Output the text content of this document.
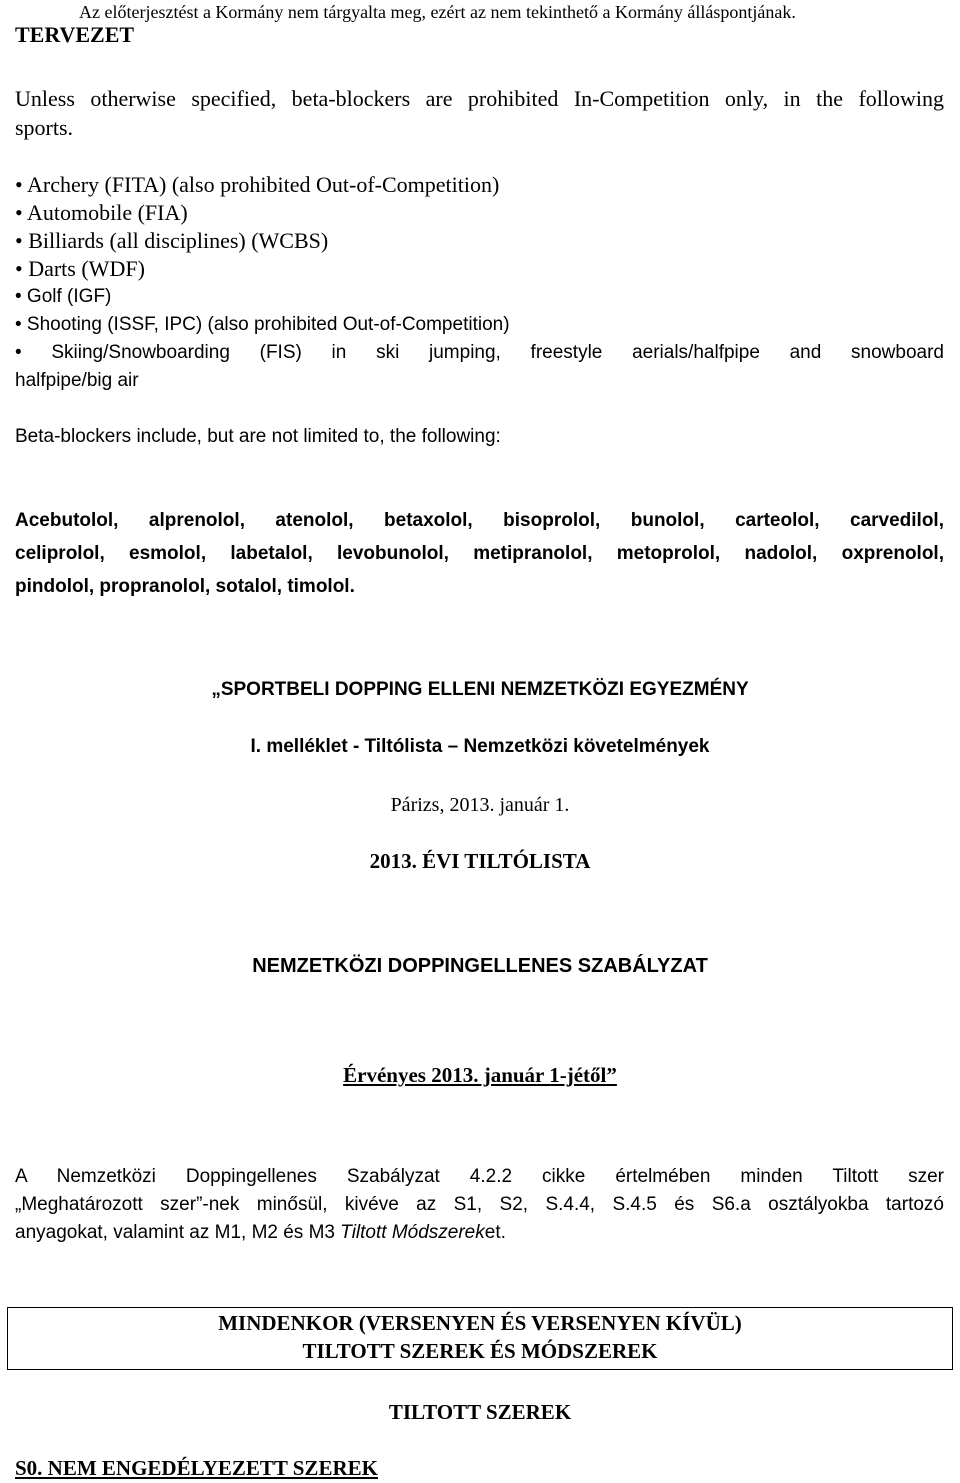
Az előterjesztést a Kormány nem tárgyalta meg, ezért az nem tekinthető a Kormány álláspontjának.
TERVEZET
Unless otherwise specified, beta-blockers are prohibited In-Competition only, in the following
sports.
• Archery (FITA) (also prohibited Out-of-Competition)
• Automobile (FIA)
• Billiards (all disciplines) (WCBS)
• Darts (WDF)
• Golf (IGF)
• Shooting (ISSF, IPC) (also prohibited Out-of-Competition)
• Skiing/Snowboarding (FIS) in ski jumping, freestyle aerials/halfpipe and snowboard
halfpipe/big air
Beta-blockers include, but are not limited to, the following:
Acebutolol, alprenolol, atenolol, betaxolol, bisoprolol, bunolol, carteolol, carvedilol,
celiprolol, esmolol, labetalol, levobunolol, metipranolol, metoprolol, nadolol, oxprenolol,
pindolol, propranolol, sotalol, timolol.
„SPORTBELI DOPPING ELLENI NEMZETKÖZI EGYEZMÉNY
I. melléklet - Tiltólista – Nemzetközi követelmények
Párizs, 2013. január 1.
2013. ÉVI TILTÓLISTA
NEMZETKÖZI DOPPINGELLENES SZABÁLYZAT
Érvényes 2013. január 1-jétől”
A Nemzetközi Doppingellenes Szabályzat 4.2.2 cikke értelmében minden Tiltott szer
„Meghatározott szer”-nek minősül, kivéve az S1, S2, S.4.4, S.4.5 és S6.a osztályokba tartozó
anyagokat, valamint az M1, M2 és M3 Tiltott Módszereket.
MINDENKOR (VERSENYEN ÉS VERSENYEN KÍVÜL)
TILTOTT SZEREK ÉS MÓDSZEREK
TILTOTT SZEREK
S0. NEM ENGEDÉLYEZETT SZEREK
